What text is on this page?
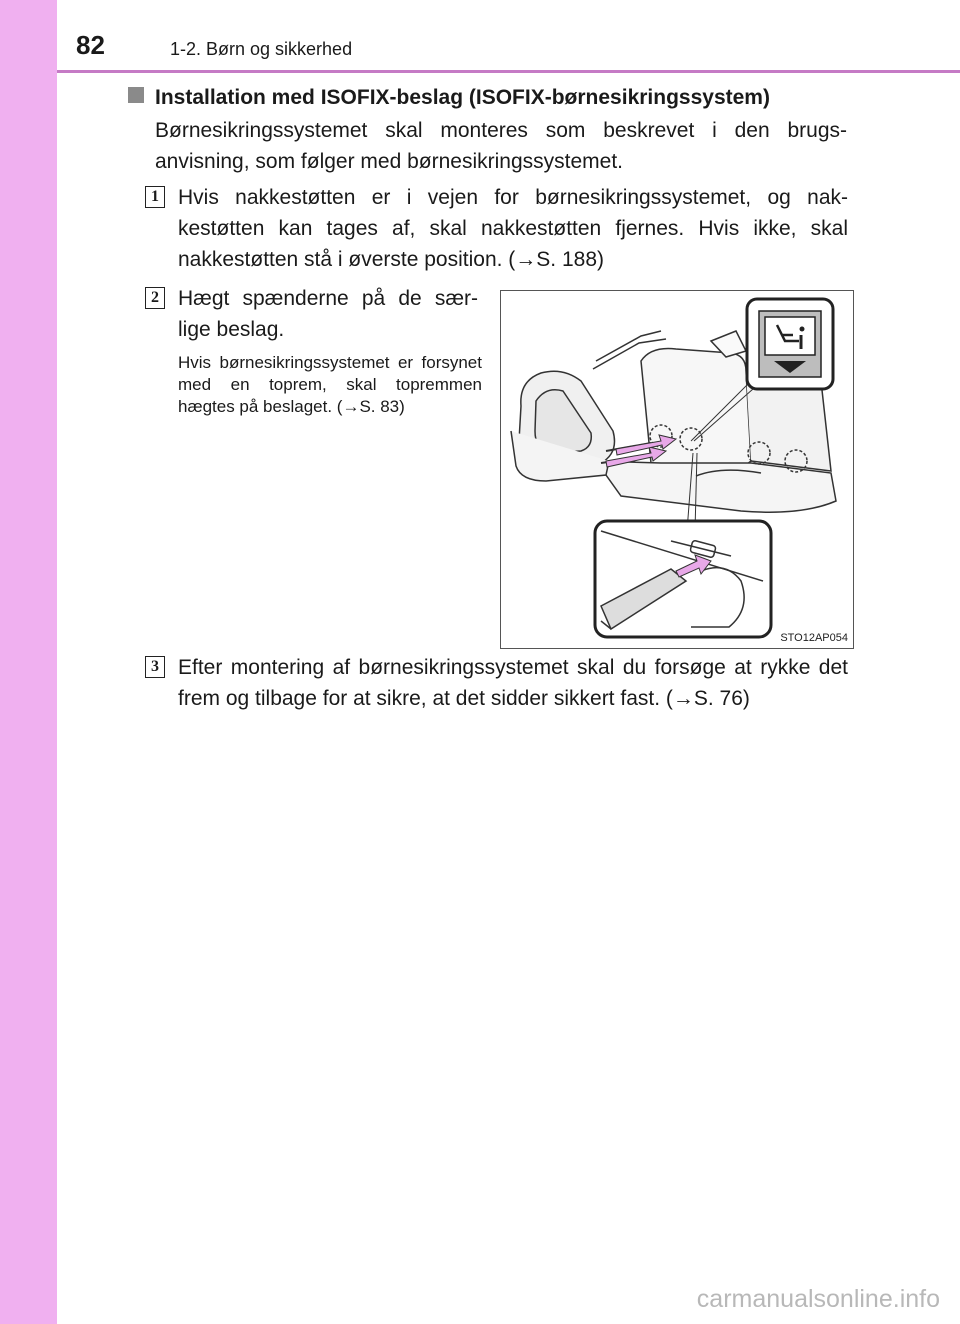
82	1-2. Børn og sikkerhed
Installation med ISOFIX-beslag (ISOFIX-børnesikringssystem)
Børnesikringssystemet skal monteres som beskrevet i den brugs-anvisning, som følger med børnesikringssystemet.
1 Hvis nakkestøtten er i vejen for børnesikringssystemet, og nak-kestøtten kan tages af, skal nakkestøtten fjernes. Hvis ikke, skal nakkestøtten stå i øverste position. (→S. 188)
2 Hægt spænderne på de sær-lige beslag.
Hvis børnesikringssystemet er forsynet med en toprem, skal topremmen hægtes på beslaget. (→S. 83)
STO12AP054
3 Efter montering af børnesikringssystemet skal du forsøge at rykke det frem og tilbage for at sikre, at det sidder sikkert fast. (→S. 76)
carmanualsonline.info
